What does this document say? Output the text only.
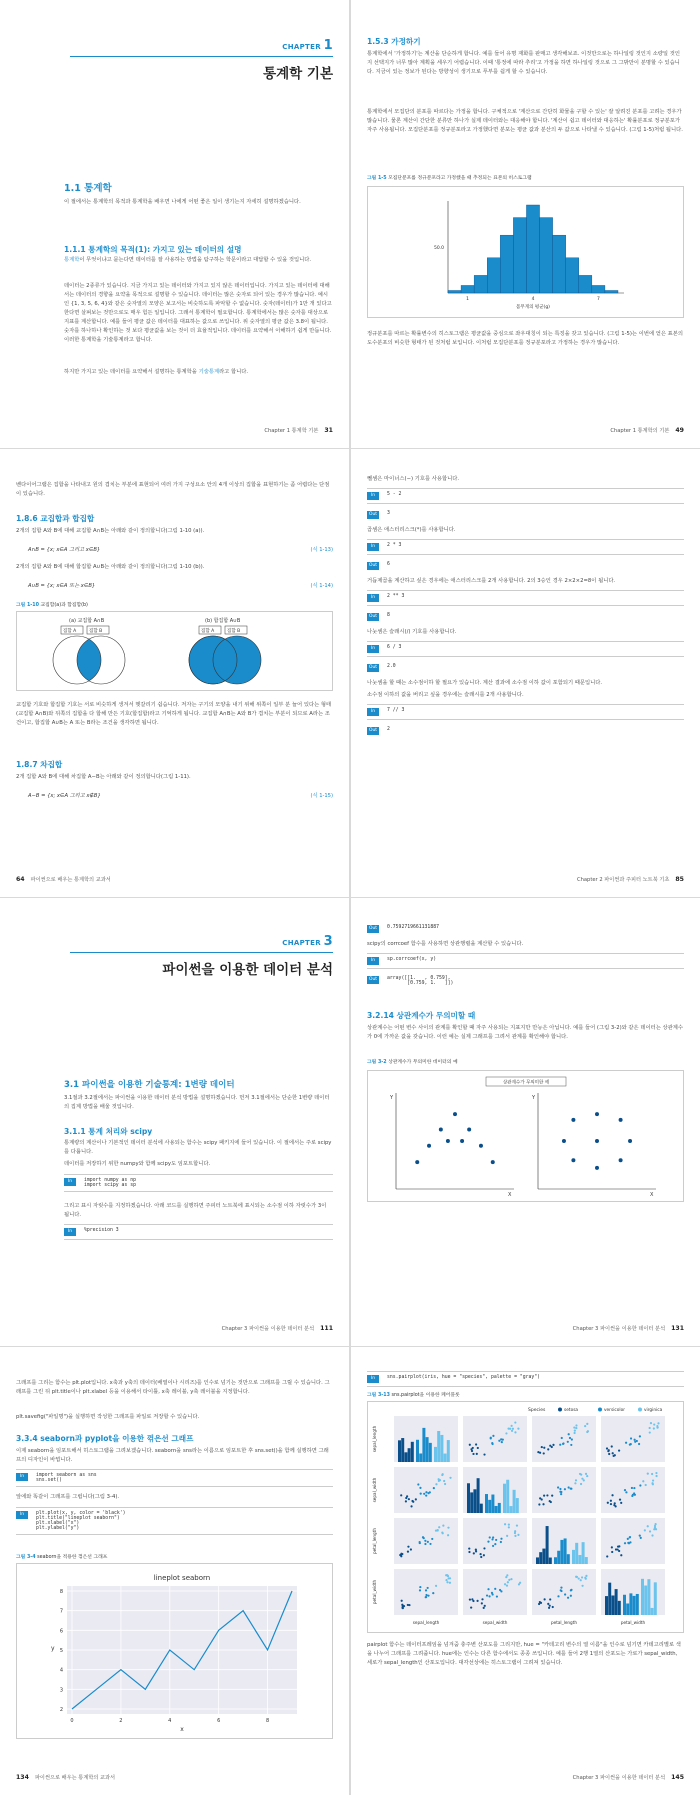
CHAPTER 1
통계학 기본
1.1 통계학

이 절에서는 통계학의 목적과 통계학을 배우면 나에게 어떤 좋은 일이 생기는지 자세히 설명하겠습니다.

1.1.1 통계학의 목적(1): 가지고 있는 데이터의 설명

통계학이 무엇이냐고 묻는다면 데이터를 잘 사용하는 방법을 탐구하는 학문이라고 대답할 수 있을 것입니다.

데이터는 2종류가 있습니다. 지금 가지고 있는 데이터와 가지고 있지 않은 데이터입니다. 가지고 있는 데이터에 대해서는 데이터의 경향을 요약을 목적으로 설명할 수 있습니다. 데이터는 많은 숫자로 되어 있는 경우가 많습니다. 예시인 {1, 3, 5, 6, 4}와 같은 숫자열의 모양은 보고서는 비슷하도록 파악할 수 없습니다. 숫자(데이터)가 1만 개 있다고 한다면 살펴보는 것만으로도 매우 힘든 일입니다. 그래서 통계학이 필요합니다. 통계학에서는 많은 숫자를 대상으로 지표를 계산합니다. 예를 들어 평균 값은 데이터를 대표하는 값으로 쓰입니다. 위 숫자열의 평균 값은 3.8이 됩니다. 숫자를 하나하나 확인하는 것 보다 평균값을 보는 것이 더 효율적입니다. 데이터를 요약해서 이해하기 쉽게 만듭니다. 이러한 통계학을 기술통계라고 합니다.

하지만 가지고 있는 데이터를 요약해서 설명하는 통계학을 기술통계라고 합니다.

Chapter 1 통계학 기본 31
1.5.3 가정하기

통계학에서 '가정하기'는 계산을 단순하게 합니다. 예를 들어 유명 재화를 판매고 생각해보죠. 이것만으로는 하나일링 것인지 소량일 것인지 선택지가 너무 많아 계획을 세우기 어렵습니다. 이때 '통정에 따라 추리'고 가정을 하면 하나일링 것으로 그 그밖만이 분명할 수 있습니다. 지금이 있는 정보가 된다는 방향성이 생기므로 푸부를 쉽게 할 수 있습니다.

통계학에서 모집단의 분포를 따르다는 가정을 합니다. 구체적으로 '계산으로 간단히 화물을 구할 수 있는' 잘 알려진 분포를 고려는 경우가 많습니다. 물론 계산이 간단한 분류만 하나가 실제 데이터와는 대응해야 합니다. '계산이 쉽고 데이터와 대응하는' 확률분포로 정규분포가 자주 사용됩니다. 모집단분포를 정규분포라고 가정했다면 분포는 평균 값과 분산의 두 값으로 나타낼 수 있습니다. (그림 1-5)처럼 됩니다.

그림 1-5 모집단분포를 정규분포라고 가정했을 때 추정되는 표본의 히스토그램
50.0
1	4	7
몸무게의 평균(g)

정규분포를 따르는 확률변수의 히스토그램은 평균값을 중심으로 좌우대칭이 되는 특징을 갖고 있습니다. (그림 1-5)는 이번에 얻은 표본의 도수분포의 비슷한 형태가 된 것처럼 보입니다. 이처럼 모집단분포를 정규분포라고 가정하는 경우가 많습니다.

Chapter 1 통계학의 기본 49

벤다이어그램은 집합을 나타내고 원의 겹치는 부분에 표현되어 여러 가지 구성요소 안의 4개 이상의 집합을 표현하기는 좀 어렵다는 단점이 있습니다.

1.8.6 교집합과 합집합

2개의 집합 A와 B에 대해 교집합 A∩B는 아래와 같이 정의합니다(그림 1-10 (a)).

A∩B = {x; x∈A 그리고 x∈B}	(식 1-13)

2개의 집합 A와 B에 대해 합집합 A∪B는 아래와 같이 정의합니다(그림 1-10 (b)).

A∪B = {x; x∈A 또는 x∈B}	(식 1-14)
그림 1-10 교집합(a)과 합집합(b)
(a) 교집합 A∩B
집합 A	집합 B
(b) 합집합 A∪B
집합 A	집합 B

교집합 기호와 합집합 기호는 서로 비슷하게 생겨서 헷갈리기 쉽습니다. 저자는 구기의 모양을 내기 위해 위쪽이 일부 분 늘어 있다는 형태 (교집합 A∩B)와 뒤쪽의 집합을 다 합해 만든 기호(합집합)라고 기억하게 됩니다. 교집합 A∩B는 A와 B가 겹치는 부분이 되므로 A라는 조건이고, 합집합 A∪B는 A 또는 B라는 조건을 생각하면 됩니다.

1.8.7 차집합

2개 집합 A와 B에 대해 차집합 A−B는 아래와 같이 정의합니다(그림 1-11).

A−B = {x; x∈A 그리고 x∉B}	(식 1-15)
64 파이썬으로 배우는 통계학의 교과서

뺄셈은 마이너스(−) 기호를 사용합니다.

In	5 - 2
Out	3

곱셈은 애스터리스크(*)를 사용합니다.

In	2 * 3
Out	6

거듭제곱을 계산하고 싶은 경우에는 애스터리스크를 2개 사용합니다. 2의 3승인 경우 2×2×2=8이 됩니다.

In	2 ** 3
Out	8

나눗셈은 슬래시(/) 기호를 사용합니다.

In	6 / 3
Out	2.0

나눗셈을 할 때는 소수점이하 할 필요가 있습니다. 계산 결과에 소수점 이하 값이 포함되기 때문입니다.

소수점 이하의 값을 버리고 싶을 경우에는 슬래시를 2개 사용합니다.

In	7 // 3
Out	2
Chapter 2 파이썬과 주피터 노트북 기초 85
CHAPTER 3
파이썬을 이용한 데이터 분석
3.1 파이썬을 이용한 기술통계: 1변량 데이터

3.1절과 3.2절에서는 파이썬을 이용한 데이터 분석 방법을 설명하겠습니다. 먼저 3.1절에서는 단순한 1변량 데이터의 집계 방법을 배울 것입니다.

3.1.1 통계 처리와 scipy

통계량의 계산이나 기본적인 데이터 분석에 사용되는 함수는 scipy 패키지에 들어 있습니다. 이 절에서는 주로 scipy를 다룹니다.

데이터를 저장하기 위한 numpy와 함께 scipy도 임포트합니다.

In	import numpy as np
import scipy as sp

그리고 표시 자릿수를 지정하겠습니다. 아래 코드를 실행하면 주피터 노트북에 표시되는 소수점 이하 자릿수가 3이 됩니다.

In	%precision 3
Chapter 3 파이썬을 이용한 데이터 분석 111
Out	0.7592719661131887

scipy의 corrcoef 함수를 사용하면 상관행렬을 계산할 수 있습니다.

In	sp.corrcoef(x, y)
Out	array([[1.   , 0.759],
[0.759, 1.   ]])
3.2.14 상관계수가 무의미할 때

상관계수는 어떤 변수 사이의 관계를 확인할 때 자주 사용되는 지표지만 만능은 아닙니다. 예를 들어 (그림 3-2)와 같은 데이터는 상관계수가 0에 가까운 값을 갖습니다. 이런 예는 실제 그래프를 그려서 관계를 확인해야 합니다.

그림 3-2 상관계수가 무의미한 데이터의 예
상관계수가 무의미한 예
Y
X
Y
X
Chapter 3 파이썬을 이용한 데이터 분석 131

그래프를 그리는 함수는 plt.plot입니다. x축과 y축의 데이터(배열이나 시리즈)를 인수로 넘기는 것만으로 그래프를 그릴 수 있습니다. 그래프를 그린 뒤 plt.title이나 plt.xlabel 등을 이용해서 타이틀, x축 레이블, y축 레이블을 지정합니다.

plt.savefig("파일명")을 실행하면 작성한 그래프를 파일로 저장할 수 있습니다.

3.3.4 seaborn과 pyplot을 이용한 꺾은선 그래프

이제 seaborn을 임포트해서 히스토그램을 그려보겠습니다. seaborn을 sns라는 이름으로 임포트한 후 sns.set()을 함께 실행하면 그래프의 디자인이 바뀝니다.

In	import seaborn as sns
sns.set()

앞에와 똑같이 그래프를 그립니다(그림 3-4).

In	plt.plot(x, y, color = 'black')
plt.title("lineplot seaborn")
plt.xlabel("x")
plt.ylabel("y")
그림 3-4 seaborn을 적용한 꺾은선 그래프
2
3
4
5
6
7
8
0	2	4	6	8
lineplot seaborn
x
y
134 파이썬으로 배우는 통계학의 교과서
In	sns.pairplot(iris, hue = "species", palette = "gray")
그림 3-13 sns.pairplot을 이용한 페어플롯
Species	setosa	versicolor	virginica
sepal_length
sepal_width
petal_length
petal_width
sepal_length	sepal_width	petal_length	petal_width

pairplot 함수는 데이터프레임을 넘겨줌 충주변 산포도를 그리지만, hue = "카테고리 변수의 열 이름"을 인수로 넘기면 카테고리별로 색을 나누어 그래프를 그려줍니다. hue에는 인수는 다른 함수에서도 종종 쓰입니다. 예를 들어 2행 1열의 산포도는 가로가 sepal_width, 세로가 sepal_length인 산포도입니다. 대각선상에는 히스토그램이 그려져 있습니다.

Chapter 3 파이썬을 이용한 데이터 분석 145
